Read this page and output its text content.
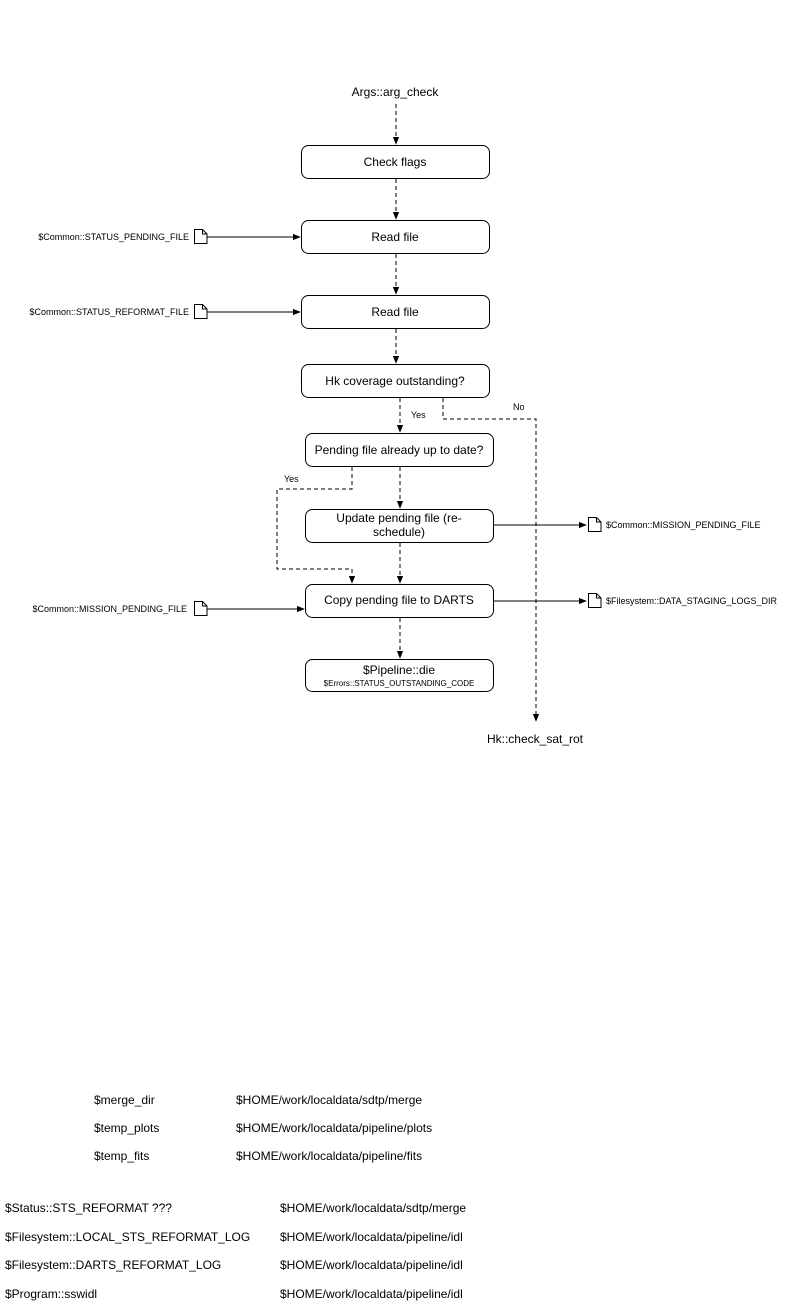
Args::arg_check
Check flags
Read file
Read file
Hk coverage outstanding?
Pending file already up to date?
Update pending file (re-schedule)
Copy pending file to DARTS
$Pipeline::die
$Errors::STATUS_OUTSTANDING_CODE
Hk::check_sat_rot
$Common::STATUS_PENDING_FILE
$Common::STATUS_REFORMAT_FILE
$Common::MISSION_PENDING_FILE
$Common::MISSION_PENDING_FILE
$Filesystem::DATA_STAGING_LOGS_DIR
Yes
No
Yes
$merge_dir	$HOME/work/localdata/sdtp/merge
$temp_plots	$HOME/work/localdata/pipeline/plots
$temp_fits	$HOME/work/localdata/pipeline/fits
$Status::STS_REFORMAT ???	$HOME/work/localdata/sdtp/merge
$Filesystem::LOCAL_STS_REFORMAT_LOG $HOME/work/localdata/pipeline/idl
$Filesystem::DARTS_REFORMAT_LOG	$HOME/work/localdata/pipeline/idl
$Program::sswidl	$HOME/work/localdata/pipeline/idl
